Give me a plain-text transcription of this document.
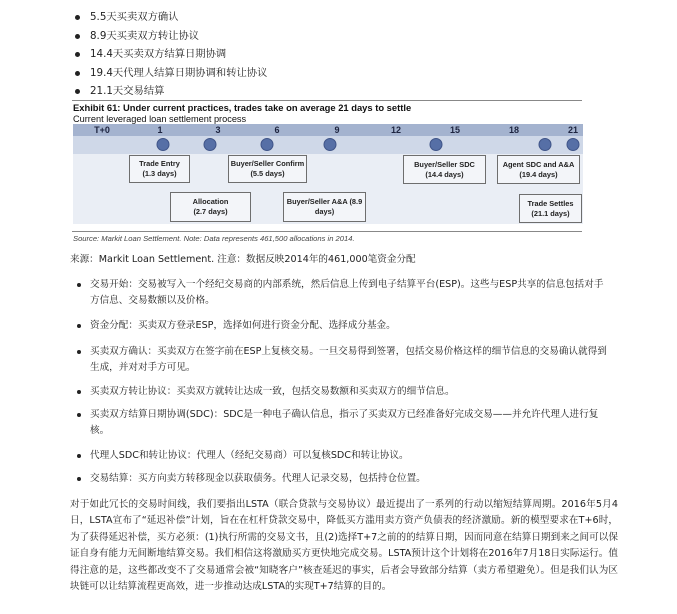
5.5天买卖双方确认
8.9天买卖双方转让协议
14.4天买卖双方结算日期协调
19.4天代理人结算日期协调和转让协议
21.1天交易结算
Exhibit 61: Under current practices, trades take on average 21 days to settle
Current leveraged loan settlement process
T+0	1	3	6	9	12	15	18	21
Trade Entry
(1.3 days)
Buyer/Seller Confirm
(5.5 days)
Buyer/Seller SDC
(14.4 days)
Agent SDC and A&A
(19.4 days)
Allocation
(2.7 days)
Buyer/Seller A&A (8.9
days)
Trade Settles
(21.1 days)
Source: Markit Loan Settlement. Note: Data represents 461,500 allocations in 2014.
来源：Markit Loan Settlement. 注意：数据反映2014年的461,000笔资金分配
交易开始：交易被写入一个经纪交易商的内部系统，然后信息上传到电子结算平台(ESP)。这些与ESP共享的信息包括对手方信息、交易数额以及价格。
资金分配：买卖双方登录ESP，选择如何进行资金分配、选择成分基金。
买卖双方确认：买卖双方在签字前在ESP上复核交易。一旦交易得到签署，包括交易价格这样的细节信息的交易确认就得到生成，并对对手方可见。
买卖双方转让协议：买卖双方就转让达成一致，包括交易数额和买卖双方的细节信息。
买卖双方结算日期协调(SDC)：SDC是一种电子确认信息，指示了买卖双方已经准备好完成交易——并允许代理人进行复核。
代理人SDC和转让协议：代理人（经纪交易商）可以复核SDC和转让协议。
交易结算：买方向卖方转移现金以获取债务。代理人记录交易，包括持仓位置。
对于如此冗长的交易时间线，我们要指出LSTA（联合贷款与交易协议）最近提出了一系列的行动以缩短结算周期。2016年5月4日，LSTA宣布了“延迟补偿”计划，旨在在杠杆贷款交易中，降低买方滥用卖方资产负债表的经济激励。新的模型要求在T+6时，为了获得延迟补偿，买方必须：(1)执行所需的交易文书，且(2)选择T+7之前的的结算日期，因而同意在结算日期到来之间可以保证自身有能力无间断地结算交易。我们相信这将激励买方更快地完成交易。LSTA预计这个计划将在2016年7月18日实际运行。值得注意的是，这些都改变不了交易通常会被“知晓客户”核查延迟的事实，后者会导致部分结算（卖方希望避免）。但是我们认为区块链可以让结算流程更高效，进一步推动达成LSTA的实现T+7结算的目的。
